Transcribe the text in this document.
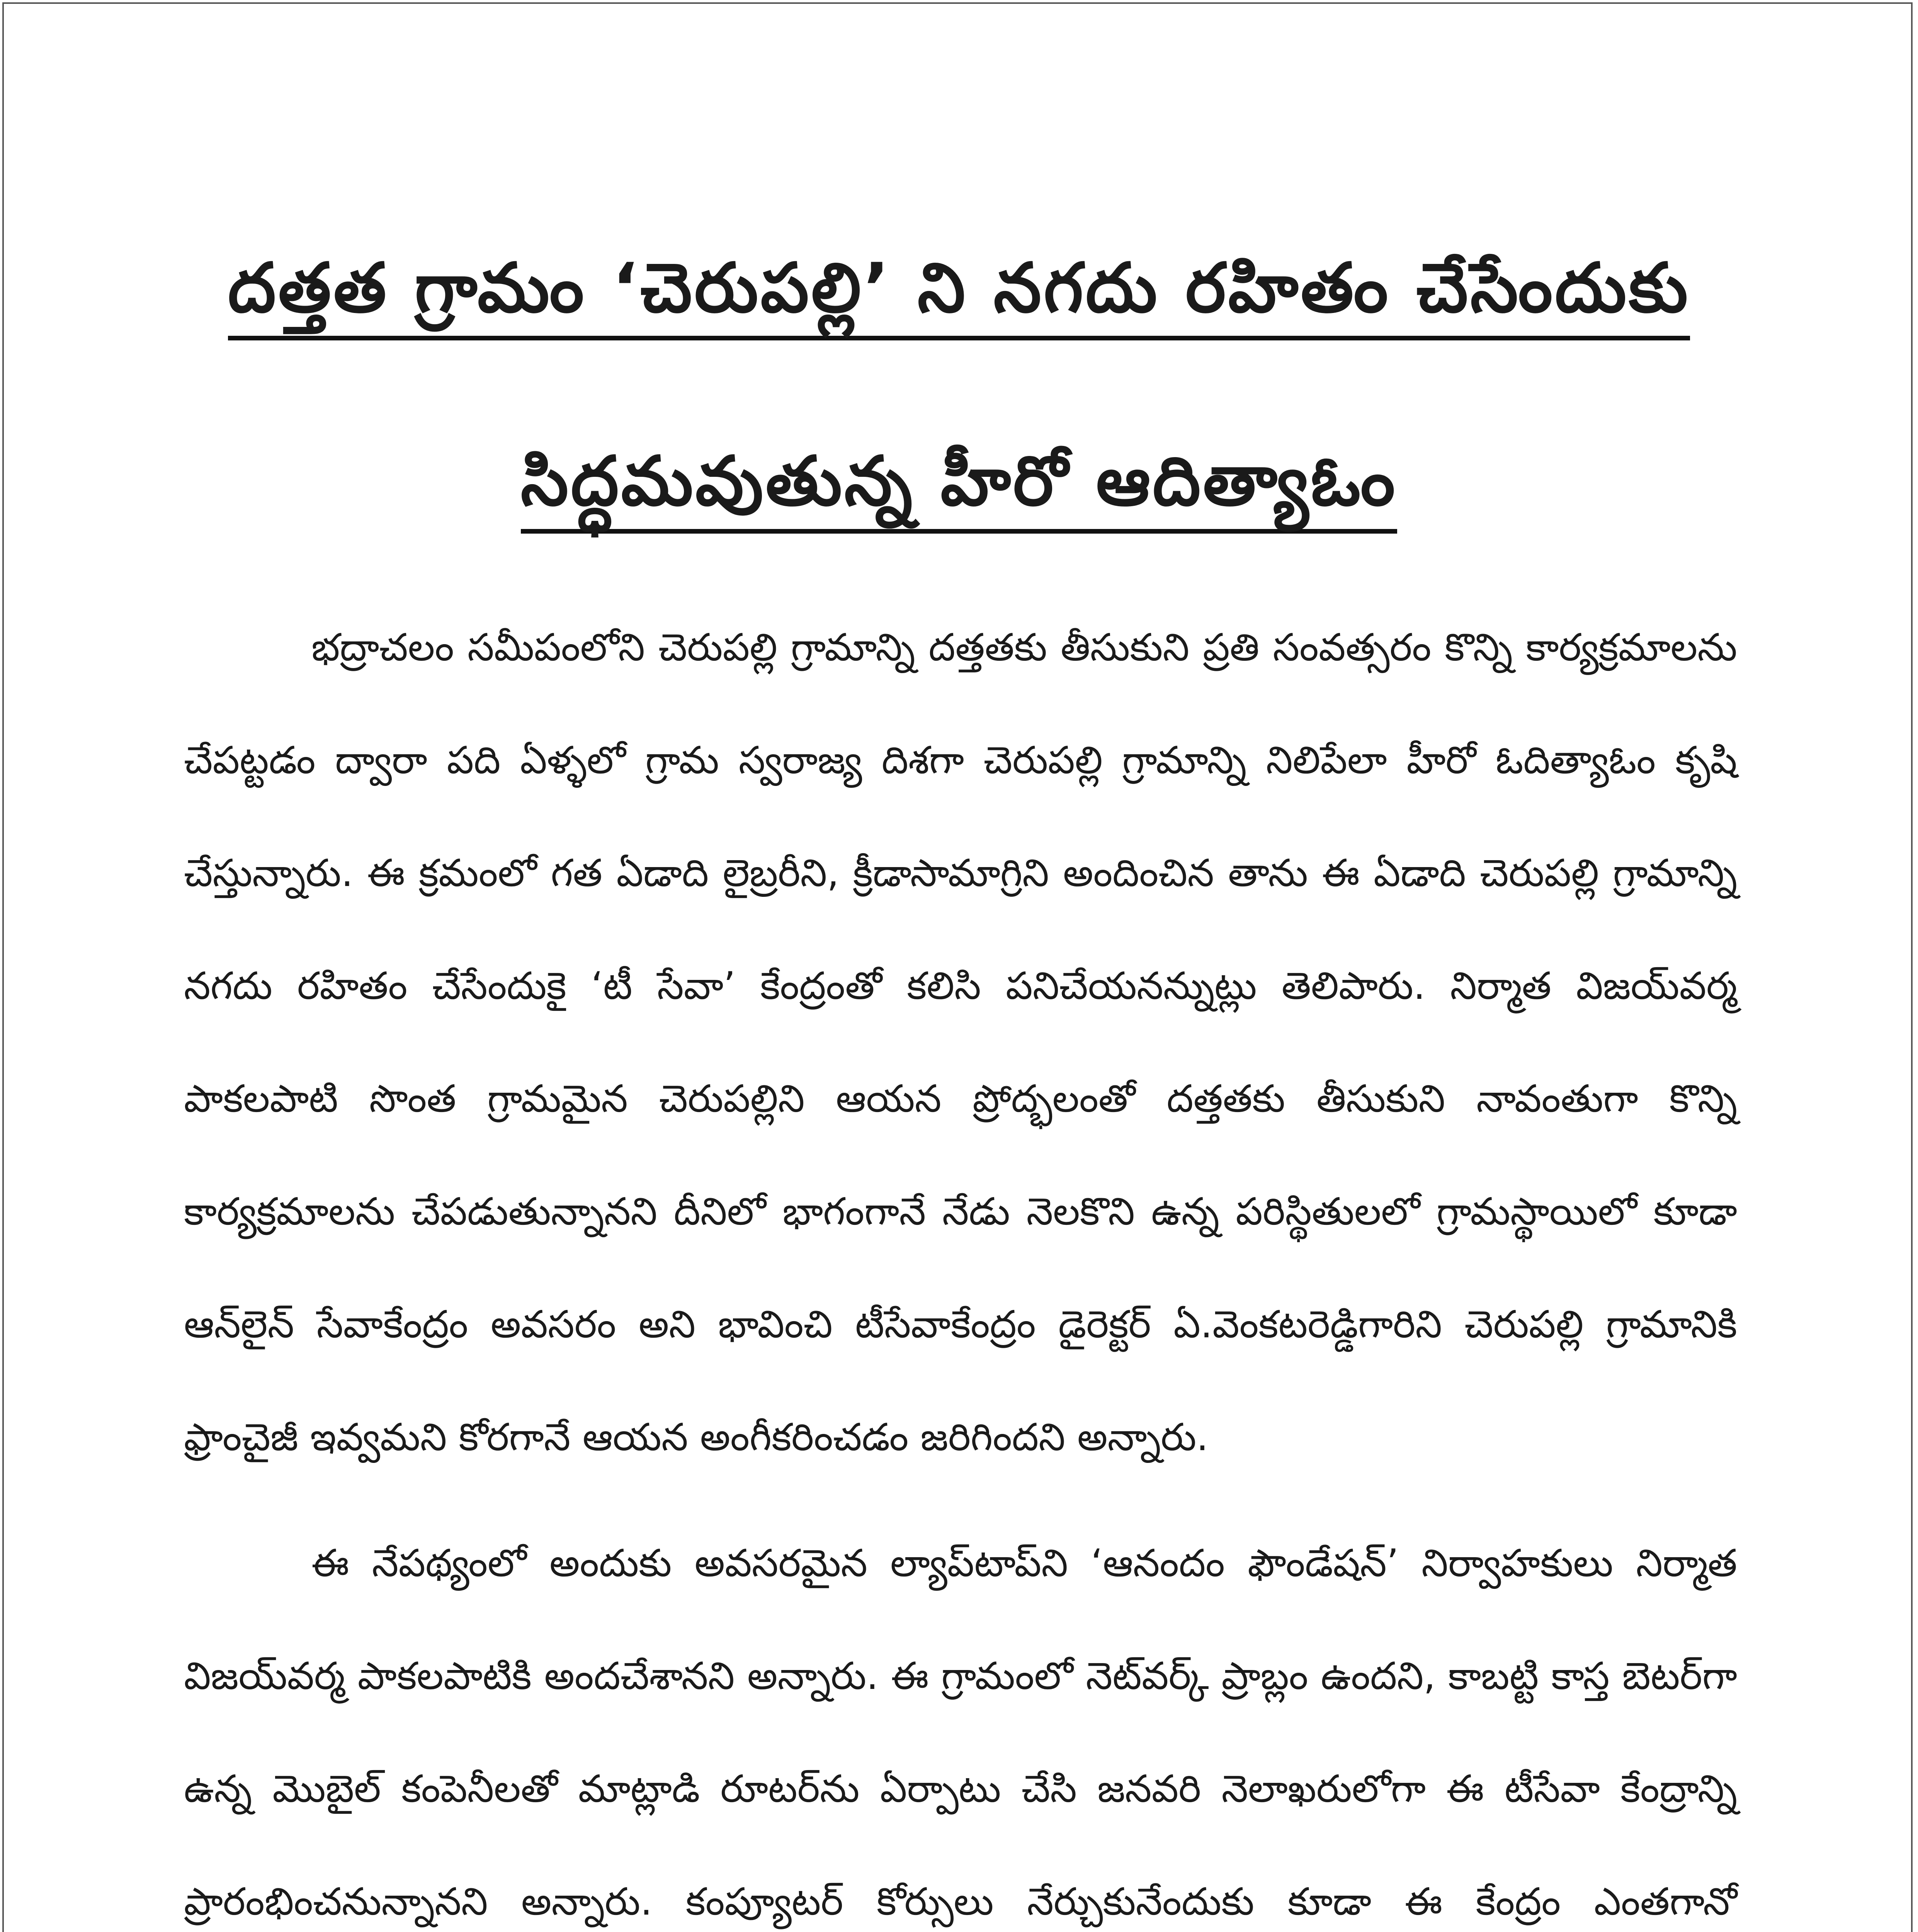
దత్తత గ్రామం ‘చెరుపల్లి’ ని నగదు రహితం చేసేందుకు
సిద్ధమవుతున్న హీరో ఆదిత్యాఓం

భద్రాచలం సమీపంలోని చెరుపల్లి గ్రామాన్ని దత్తతకు తీసుకుని ప్రతి సంవత్సరం కొన్ని కార్యక్రమాలను చేపట్టడం ద్వారా పది ఏళ్ళలో గ్రామ స్వరాజ్య దిశగా చెరుపల్లి గ్రామాన్ని నిలిపేలా హీరో ఓదిత్యాఓం కృషి చేస్తున్నారు. ఈ క్రమంలో గత ఏడాది లైబ్రరీని, క్రీడాసామాగ్రిని అందించిన తాను ఈ ఏడాది చెరుపల్లి గ్రామాన్ని నగదు రహితం చేసేందుకై ‘టీ సేవా’ కేంద్రంతో కలిసి పనిచేయనన్నుట్లు తెలిపారు. నిర్మాత విజయ్‌వర్మ పాకలపాటి సొంత గ్రామమైన చెరుపల్లిని ఆయన ప్రోద్భలంతో దత్తతకు తీసుకుని నావంతుగా కొన్ని కార్యక్రమాలను చేపడుతున్నానని దీనిలో భాగంగానే నేడు నెలకొని ఉన్న పరిస్థితులలో గ్రామస్థాయిలో కూడా ఆన్‌లైన్ సేవాకేంద్రం అవసరం అని భావించి టీసేవాకేంద్రం డైరెక్టర్ ఏ.వెంకటరెడ్డిగారిని చెరుపల్లి గ్రామానికి ఫ్రాంచైజీ ఇవ్వమని కోరగానే ఆయన అంగీకరించడం జరిగిందని అన్నారు.

ఈ నేపథ్యంలో అందుకు అవసరమైన ల్యాప్‌టాప్‌ని ‘ఆనందం ఫౌండేషన్’ నిర్వాహకులు నిర్మాత విజయ్‌వర్మ పాకలపాటికి అందచేశానని అన్నారు. ఈ గ్రామంలో నెట్‌వర్క్ ప్రాబ్లం ఉందని, కాబట్టి కాస్త బెటర్‌గా ఉన్న మొబైల్ కంపెనీలతో మాట్లాడి రూటర్‌ను ఏర్పాటు చేసి జనవరి నెలాఖరులోగా ఈ టీసేవా కేంద్రాన్ని ప్రారంభించనున్నానని అన్నారు. కంప్యూటర్ కోర్సులు నేర్చుకునేందుకు కూడా ఈ కేంద్రం ఎంతగానో
